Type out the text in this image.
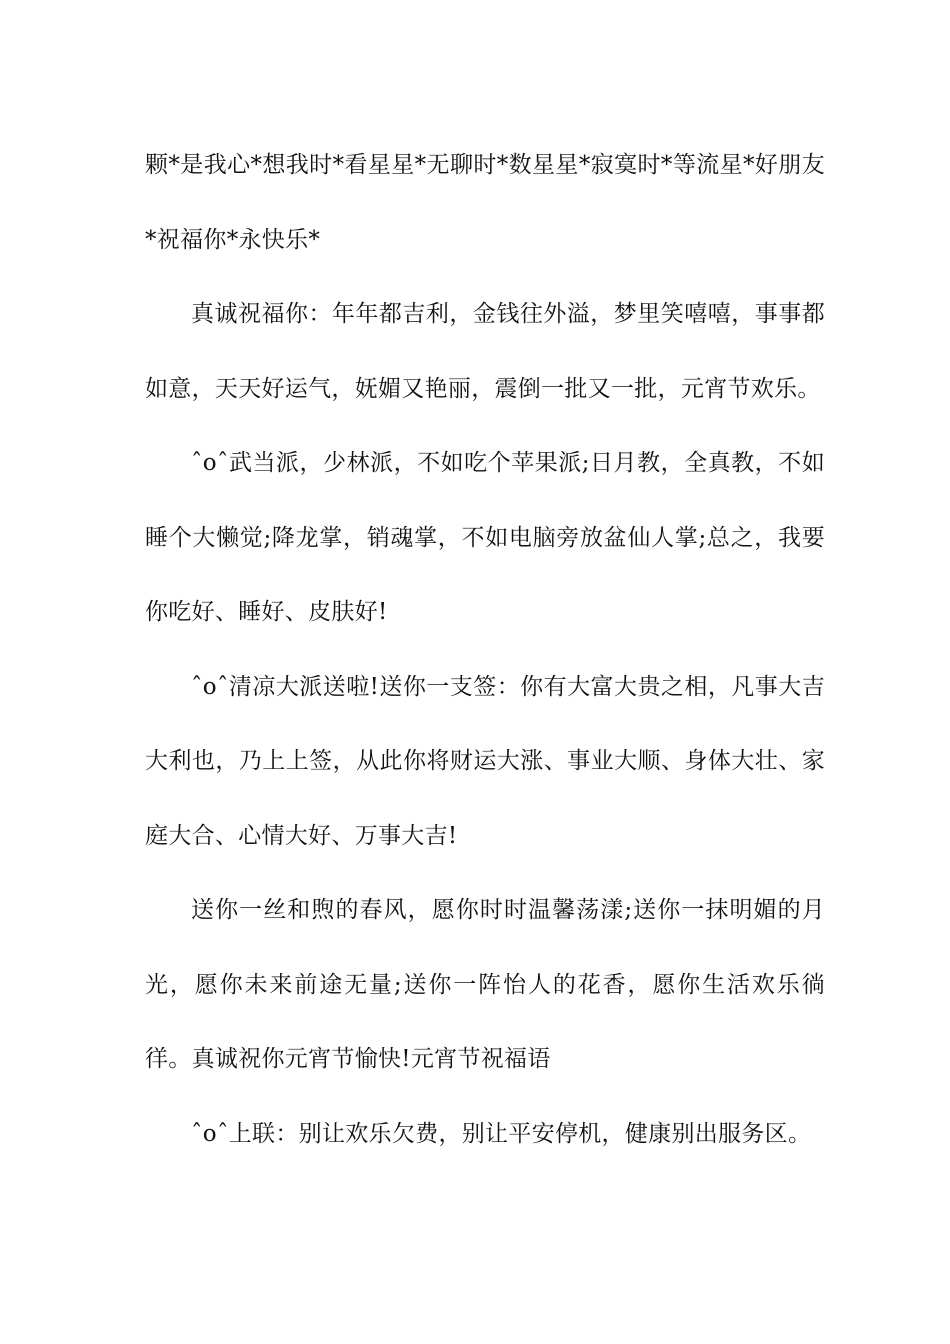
颗*是我心*想我时*看星星*无聊时*数星星*寂寞时*等流星*好朋友*祝福你*永快乐*

真诚祝福你：年年都吉利，金钱往外溢，梦里笑嘻嘻，事事都如意，天天好运气，妩媚又艳丽，震倒一批又一批，元宵节欢乐。

ˆoˆ武当派，少林派，不如吃个苹果派;日月教，全真教，不如睡个大懒觉;降龙掌，销魂掌，不如电脑旁放盆仙人掌;总之，我要你吃好、睡好、皮肤好!

ˆoˆ清凉大派送啦!送你一支签：你有大富大贵之相，凡事大吉大利也，乃上上签，从此你将财运大涨、事业大顺、身体大壮、家庭大合、心情大好、万事大吉!

送你一丝和煦的春风，愿你时时温馨荡漾;送你一抹明媚的月光，愿你未来前途无量;送你一阵怡人的花香，愿你生活欢乐徜徉。真诚祝你元宵节愉快!元宵节祝福语

ˆoˆ上联：别让欢乐欠费，别让平安停机，健康别出服务区。
